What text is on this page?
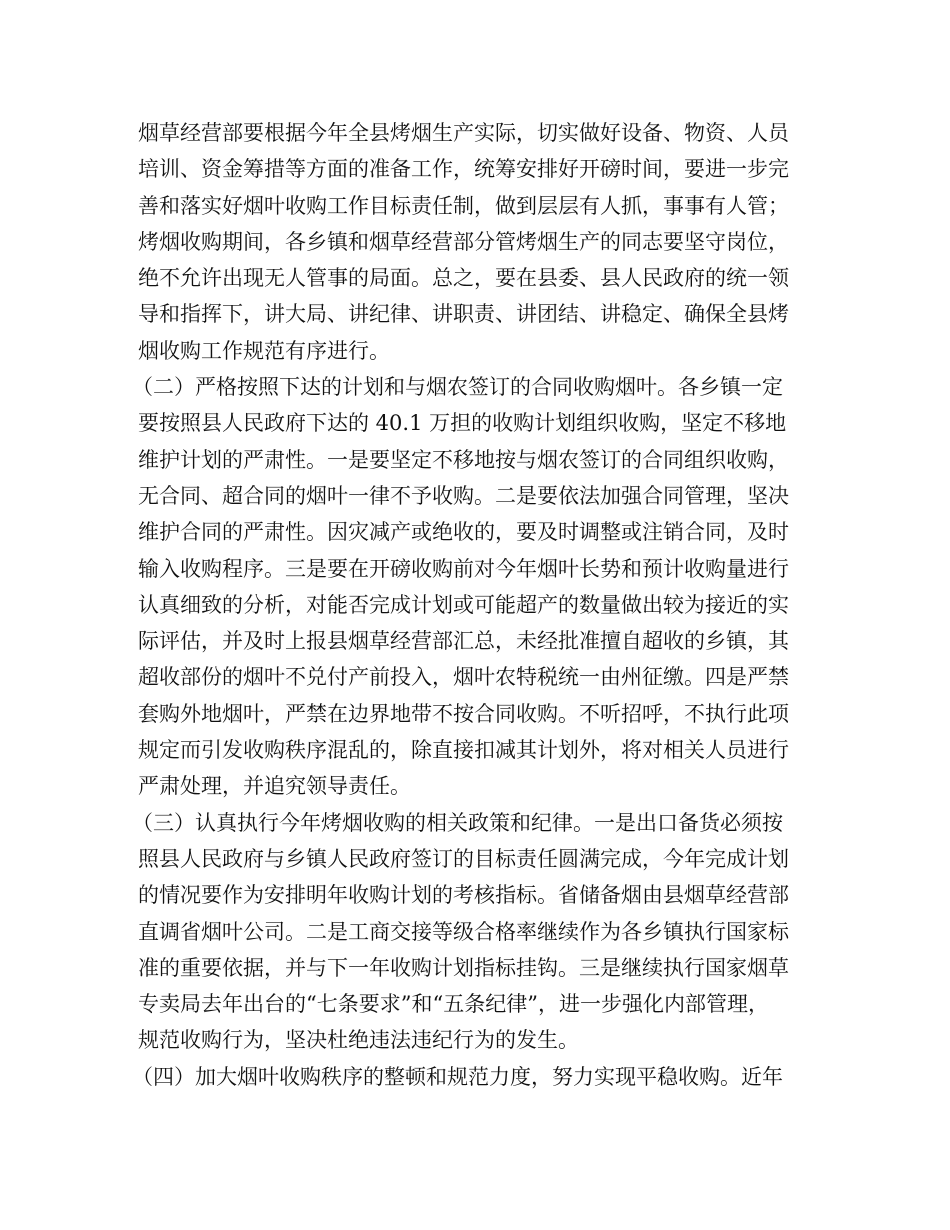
烟草经营部要根据今年全县烤烟生产实际，切实做好设备、物资、人员
培训、资金筹措等方面的准备工作，统筹安排好开磅时间，要进一步完
善和落实好烟叶收购工作目标责任制，做到层层有人抓，事事有人管；
烤烟收购期间，各乡镇和烟草经营部分管烤烟生产的同志要坚守岗位，
绝不允许出现无人管事的局面。总之，要在县委、县人民政府的统一领
导和指挥下，讲大局、讲纪律、讲职责、讲团结、讲稳定、确保全县烤
烟收购工作规范有序进行。
（二）严格按照下达的计划和与烟农签订的合同收购烟叶。各乡镇一定
要按照县人民政府下达的 40.1 万担的收购计划组织收购，坚定不移地
维护计划的严肃性。一是要坚定不移地按与烟农签订的合同组织收购，
无合同、超合同的烟叶一律不予收购。二是要依法加强合同管理，坚决
维护合同的严肃性。因灾减产或绝收的，要及时调整或注销合同，及时
输入收购程序。三是要在开磅收购前对今年烟叶长势和预计收购量进行
认真细致的分析，对能否完成计划或可能超产的数量做出较为接近的实
际评估，并及时上报县烟草经营部汇总，未经批准擅自超收的乡镇，其
超收部份的烟叶不兑付产前投入，烟叶农特税统一由州征缴。四是严禁
套购外地烟叶，严禁在边界地带不按合同收购。不听招呼，不执行此项
规定而引发收购秩序混乱的，除直接扣减其计划外，将对相关人员进行
严肃处理，并追究领导责任。
（三）认真执行今年烤烟收购的相关政策和纪律。一是出口备货必须按
照县人民政府与乡镇人民政府签订的目标责任圆满完成，今年完成计划
的情况要作为安排明年收购计划的考核指标。省储备烟由县烟草经营部
直调省烟叶公司。二是工商交接等级合格率继续作为各乡镇执行国家标
准的重要依据，并与下一年收购计划指标挂钩。三是继续执行国家烟草
专卖局去年出台的“七条要求”和“五条纪律”，进一步强化内部管理，
规范收购行为，坚决杜绝违法违纪行为的发生。
（四）加大烟叶收购秩序的整顿和规范力度，努力实现平稳收购。近年
